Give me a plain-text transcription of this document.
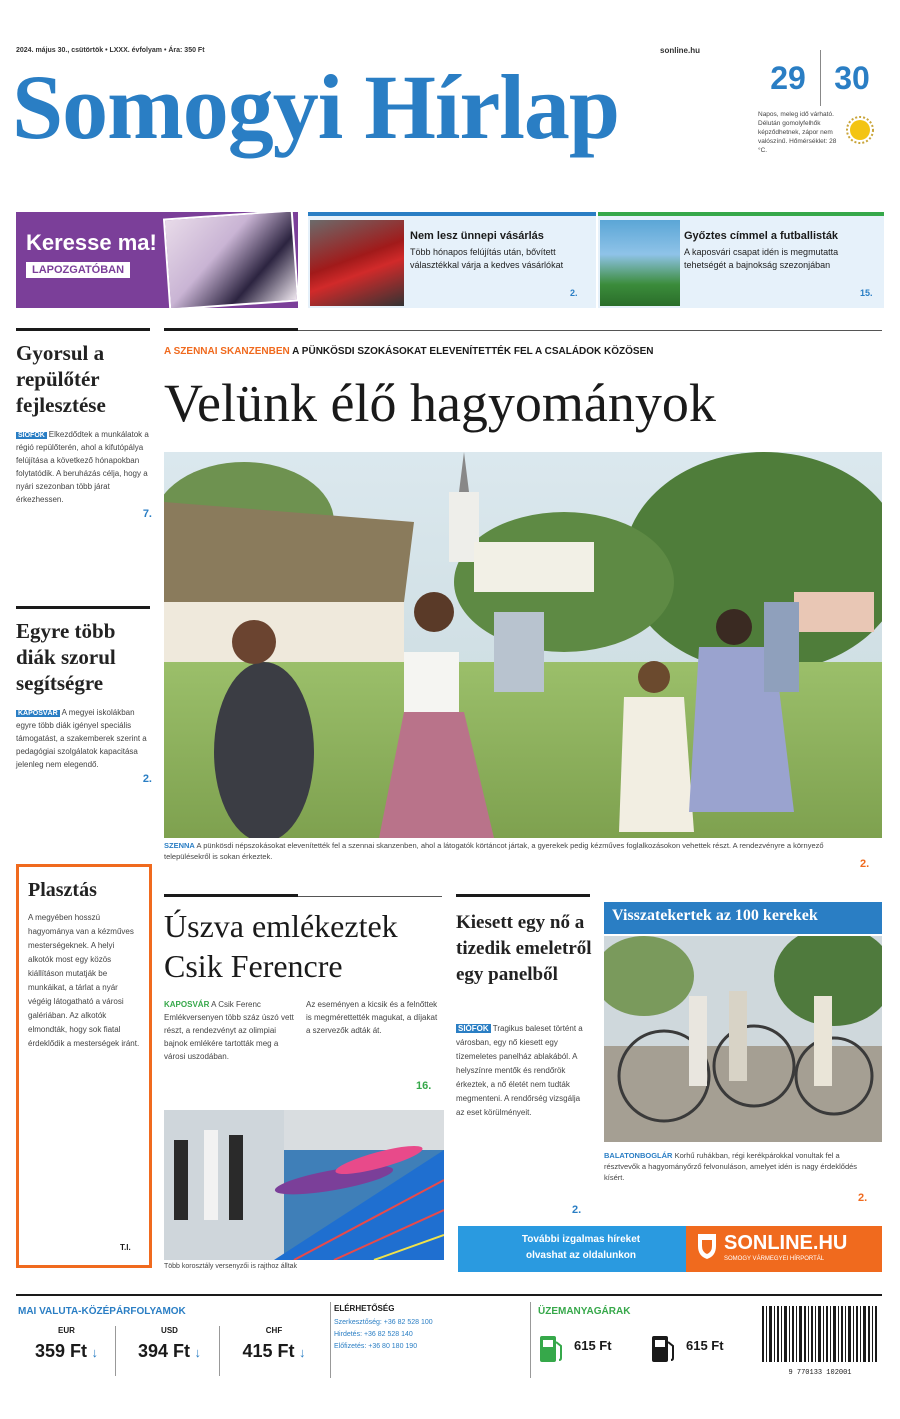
2024. május 30., csütörtök • LXXX. évfolyam • Ára: 350 Ft
Somogyi Hírlap
sonline.hu
29 30
Napos, meleg idő várható. Délután gomolyfelhők képződhetnek, zápor nem valószínű. Hőmérséklet: 28 °C.
Keresse ma!
LAPOZGATÓBAN
Nem lesz ünnepi vásárlás
Több hónapos felújítás után, bővített választékkal várja a kedves vásárlókat
2.
Győztes címmel a futballisták
A kaposvári csapat idén is megmutatta tehetségét a bajnokság szezonjában
15.
Gyorsul a repülőtér fejlesztése
SIÓFOK Elkezdődtek a munkálatok a régió repülőterén, ahol a kifutópálya felújítása a következő hónapokban folytatódik. A beruházás célja, hogy a nyári szezonban több járat érkezhessen.
7.
Egyre több diák szorul segítségre
KAPOSVÁR A megyei iskolákban egyre több diák igényel speciális támogatást, a szakemberek szerint a pedagógiai szolgálatok kapacitása jelenleg nem elegendő.
2.
Plasztás
A megyében hosszú hagyománya van a kézműves mesterségeknek. A helyi alkotók most egy közös kiállításon mutatják be munkáikat, a tárlat a nyár végéig látogatható a városi galériában. Az alkotók elmondták, hogy sok fiatal érdeklődik a mesterségek iránt.
T.I.
A SZENNAI SKANZENBEN A PÜNKÖSDI SZOKÁSOKAT ELEVENÍTETTÉK FEL A CSALÁDOK KÖZÖSEN
Velünk élő hagyományok
SZENNA A pünkösdi népszokásokat elevenítették fel a szennai skanzenben, ahol a látogatók körtáncot jártak, a gyerekek pedig kézműves foglalkozásokon vehettek részt. A rendezvényre a környező településekről is sokan érkeztek.
2.
Úszva emlékeztek Csik Ferencre
KAPOSVÁR A Csik Ferenc Emlékversenyen több száz úszó vett részt, a rendezvényt az olimpiai bajnok emlékére tartották meg a városi uszodában.
Az eseményen a kicsik és a felnőttek is megmérettették magukat, a díjakat a szervezők adták át.
16.
Több korosztály versenyzői is rajthoz álltak
Kiesett egy nő a tizedik emeletről egy panelből
SIÓFOK Tragikus baleset történt a városban, egy nő kiesett egy tízemeletes panelház ablakából. A helyszínre mentők és rendőrök érkeztek, a nő életét nem tudták megmenteni. A rendőrség vizsgálja az eset körülményeit.
2.
Visszatekertek az 100 kerekek
BALATONBOGLÁR Korhű ruhákban, régi kerékpárokkal vonultak fel a résztvevők a hagyományőrző felvonuláson, amelyet idén is nagy érdeklődés kísért.
2.
További izgalmas híreket
olvashat az oldalunkon
SONLINE.HU
SOMOGY VÁRMEGYEI HÍRPORTÁL
MAI VALUTA-KÖZÉPÁRFOLYAMOK
EUR
359 Ft ↓
USD
394 Ft ↓
CHF
415 Ft ↓
ELÉRHETŐSÉG
Szerkesztőség: +36 82 528 100
Hirdetés: +36 82 528 140
Előfizetés: +36 80 180 190
ÜZEMANYAGÁRAK
615 Ft	615 Ft
9 770133 102001
